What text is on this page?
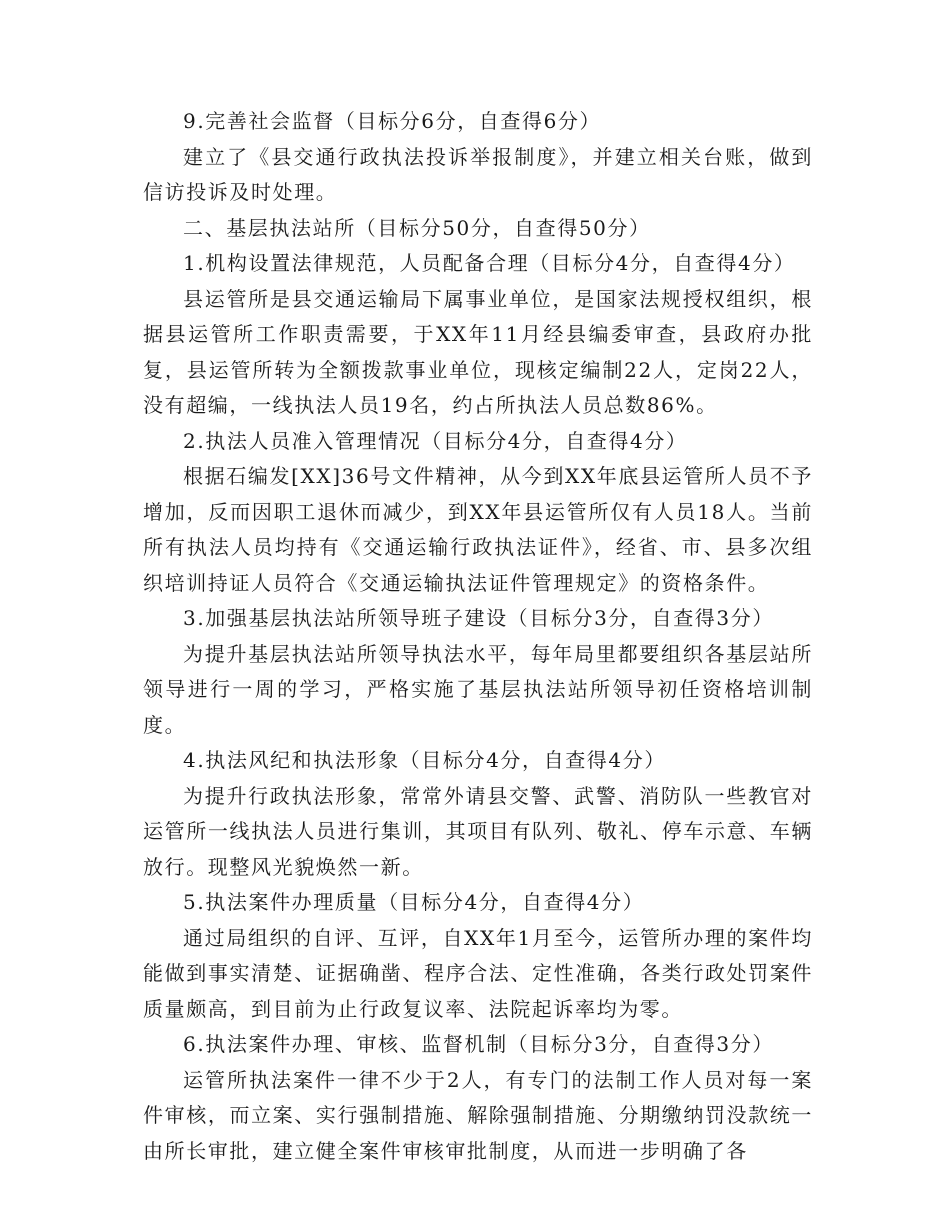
9.完善社会监督（目标分6分，自查得6分）

建立了《县交通行政执法投诉举报制度》，并建立相关台账，做到信访投诉及时处理。

二、基层执法站所（目标分50分，自查得50分）

1.机构设置法律规范，人员配备合理（目标分4分，自查得4分）

县运管所是县交通运输局下属事业单位，是国家法规授权组织，根据县运管所工作职责需要，于XX年11月经县编委审查，县政府办批复，县运管所转为全额拨款事业单位，现核定编制22人，定岗22人，没有超编，一线执法人员19名，约占所执法人员总数86%。

2.执法人员准入管理情况（目标分4分，自查得4分）

根据石编发[XX]36号文件精神，从今到XX年底县运管所人员不予增加，反而因职工退休而减少，到XX年县运管所仅有人员18人。当前所有执法人员均持有《交通运输行政执法证件》，经省、市、县多次组织培训持证人员符合《交通运输执法证件管理规定》的资格条件。

3.加强基层执法站所领导班子建设（目标分3分，自查得3分）

为提升基层执法站所领导执法水平，每年局里都要组织各基层站所领导进行一周的学习，严格实施了基层执法站所领导初任资格培训制度。

4.执法风纪和执法形象（目标分4分，自查得4分）

为提升行政执法形象，常常外请县交警、武警、消防队一些教官对运管所一线执法人员进行集训，其项目有队列、敬礼、停车示意、车辆放行。现整风光貌焕然一新。

5.执法案件办理质量（目标分4分，自查得4分）

通过局组织的自评、互评，自XX年1月至今，运管所办理的案件均能做到事实清楚、证据确凿、程序合法、定性准确，各类行政处罚案件质量颇高，到目前为止行政复议率、法院起诉率均为零。

6.执法案件办理、审核、监督机制（目标分3分，自查得3分）

运管所执法案件一律不少于2人，有专门的法制工作人员对每一案件审核，而立案、实行强制措施、解除强制措施、分期缴纳罚没款统一由所长审批，建立健全案件审核审批制度，从而进一步明确了各
